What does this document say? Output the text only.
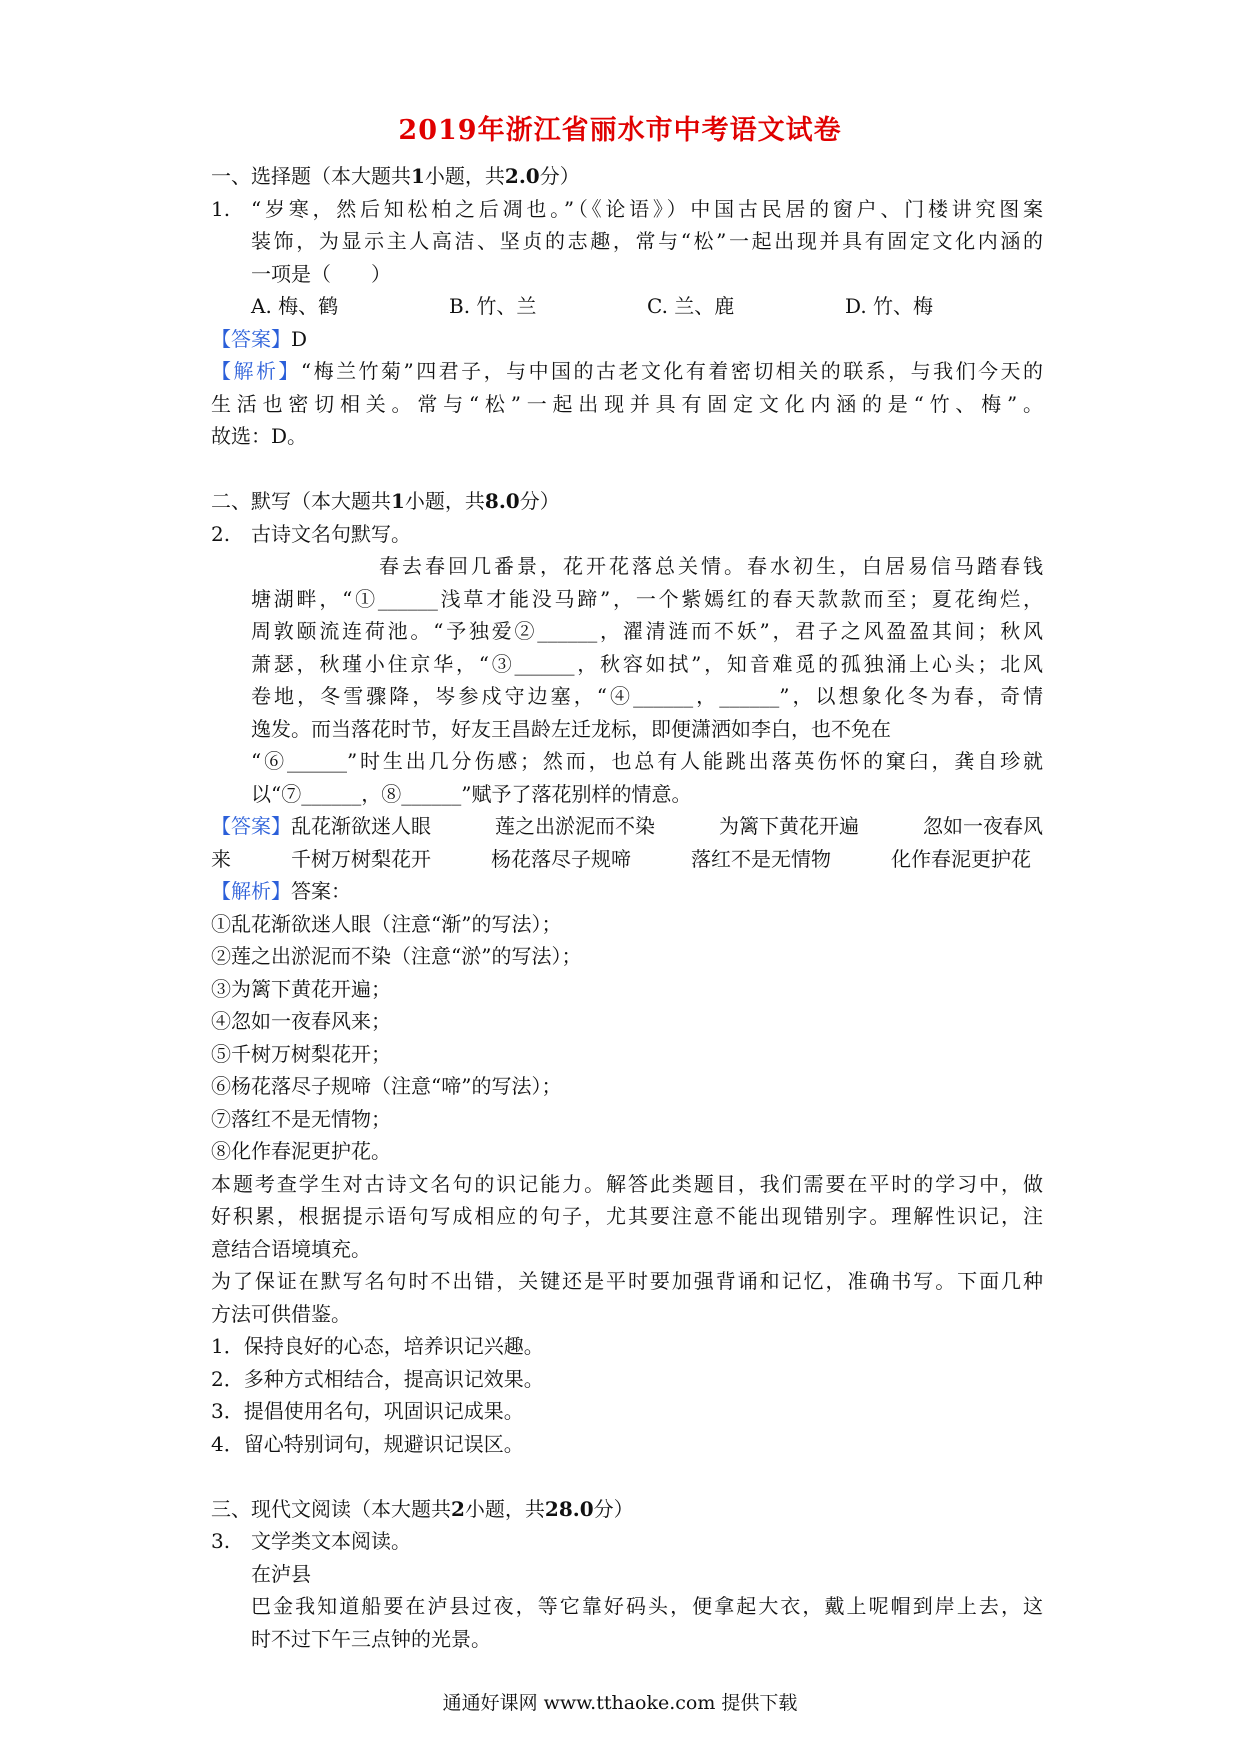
2019年浙江省丽水市中考语文试卷
一、选择题（本大题共1小题，共2.0分）
1.	“岁寒，然后知松柏之后凋也。”（《论语》）中国古民居的窗户、门楼讲究图案
装饰，为显示主人高洁、坚贞的志趣，常与“松”一起出现并具有固定文化内涵的
一项是（　　）
A. 梅、鹤	B. 竹、兰	C. 兰、鹿	D. 竹、梅
【答案】D
【解析】“梅兰竹菊”四君子，与中国的古老文化有着密切相关的联系，与我们今天的
生活也密切相关。常与“松”一起出现并具有固定文化内涵的是“竹、梅”。
故选：D。
二、默写（本大题共1小题，共8.0分）
2.	古诗文名句默写。
春去春回几番景，花开花落总关情。春水初生，白居易信马踏春钱
塘湖畔，“①______浅草才能没马蹄”，一个紫嫣红的春天款款而至；夏花绚烂，
周敦颐流连荷池。“予独爱②______，濯清涟而不妖”，君子之风盈盈其间；秋风
萧瑟，秋瑾小住京华，“③______，秋容如拭”，知音难觅的孤独涌上心头；北风
卷地，冬雪骤降，岑参戍守边塞，“④______，______”，以想象化冬为春，奇情
逸发。而当落花时节，好友王昌龄左迁龙标，即便潇洒如李白，也不免在
“⑥______”时生出几分伤感；然而，也总有人能跳出落英伤怀的窠臼，龚自珍就
以“⑦______，⑧______”赋予了落花别样的情意。
【答案】乱花渐欲迷人眼	莲之出淤泥而不染	为篱下黄花开遍	忽如一夜春风
来	千树万树梨花开	杨花落尽子规啼	落红不是无情物	化作春泥更护花
【解析】答案：
①乱花渐欲迷人眼（注意“渐”的写法）；
②莲之出淤泥而不染（注意“淤”的写法）；
③为篱下黄花开遍；
④忽如一夜春风来；
⑤千树万树梨花开；
⑥杨花落尽子规啼（注意“啼”的写法）；
⑦落红不是无情物；
⑧化作春泥更护花。
本题考查学生对古诗文名句的识记能力。解答此类题目，我们需要在平时的学习中，做
好积累，根据提示语句写成相应的句子，尤其要注意不能出现错别字。理解性识记，注
意结合语境填充。
为了保证在默写名句时不出错，关键还是平时要加强背诵和记忆，准确书写。下面几种
方法可供借鉴。
1．保持良好的心态，培养识记兴趣。
2．多种方式相结合，提高识记效果。
3．提倡使用名句，巩固识记成果。
4．留心特别词句，规避识记误区。
三、现代文阅读（本大题共2小题，共28.0分）
3.	文学类文本阅读。
在泸县
巴金我知道船要在泸县过夜，等它靠好码头，便拿起大衣，戴上呢帽到岸上去，这
时不过下午三点钟的光景。
通通好课网 www.tthaoke.com 提供下载
